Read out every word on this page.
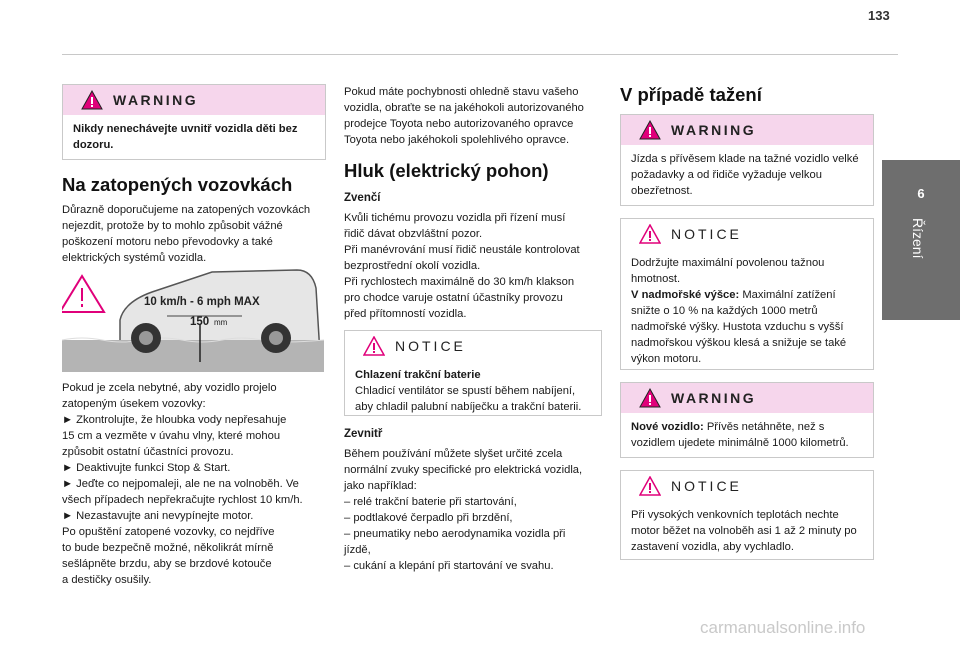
133
6
Řízení
WARNING
Nikdy nenechávejte uvnitř vozidla děti bez dozoru.
Na zatopených vozovkách

Důrazně doporučujeme na zatopených vozovkách nejezdit, protože by to mohlo způsobit vážné poškození motoru nebo převodovky a také elektrických systémů vozidla.

10 km/h - 6 mph MAX
150 mm
Pokud je zcela nebytné, aby vozidlo projelo
zatopeným úsekem vozovky:
► Zkontrolujte, že hloubka vody nepřesahuje
15 cm a vezměte v úvahu vlny, které mohou
způsobit ostatní účastníci provozu.
► Deaktivujte funkci Stop & Start.
► Jeďte co nejpomaleji, ale ne na volnoběh. Ve
všech případech nepřekračujte rychlost 10 km/h.
► Nezastavujte ani nevypínejte motor.
Po opuštění zatopené vozovky, co nejdříve
to bude bezpečně možné, několikrát mírně
sešlápněte brzdu, aby se brzdové kotouče
a destičky osušily.
Pokud máte pochybnosti ohledně stavu vašeho
vozidla, obraťte se na jakéhokoli autorizovaného
prodejce Toyota nebo autorizovaného opravce
Toyota nebo jakéhokoli spolehlivého opravce.
Hluk (elektrický pohon)

Zvenčí

Kvůli tichému provozu vozidla při řízení musí
řidič dávat obzvláštní pozor.
Při manévrování musí řidič neustále kontrolovat
bezprostřední okolí vozidla.
Při rychlostech maximálně do 30 km/h klakson
pro chodce varuje ostatní účastníky provozu
před přítomností vozidla.
NOTICE
Chlazení trakční baterie
Chladicí ventilátor se spustí během nabíjení, aby chladil palubní nabíječku a trakční baterii.

Zevnitř

Během používání můžete slyšet určité zcela
normální zvuky specifické pro elektrická vozidla,
jako například:
– relé trakční baterie při startování,
– podtlakové čerpadlo při brzdění,
– pneumatiky nebo aerodynamika vozidla při
jízdě,
– cukání a klepání při startování ve svahu.
V případě tažení
WARNING
Jízda s přívěsem klade na tažné vozidlo velké požadavky a od řidiče vyžaduje velkou obezřetnost.
NOTICE
Dodržujte maximální povolenou tažnou hmotnost.
V nadmořské výšce: Maximální zatížení snižte o 10 % na každých 1000 metrů nadmořské výšky. Hustota vzduchu s vyšší nadmořskou výškou klesá a snižuje se také výkon motoru.
WARNING
Nové vozidlo: Přívěs netáhněte, než s vozidlem ujedete minimálně 1000 kilometrů.
NOTICE
Při vysokých venkovních teplotách nechte motor běžet na volnoběh asi 1 až 2 minuty po zastavení vozidla, aby vychladlo.
carmanualsonline.info
